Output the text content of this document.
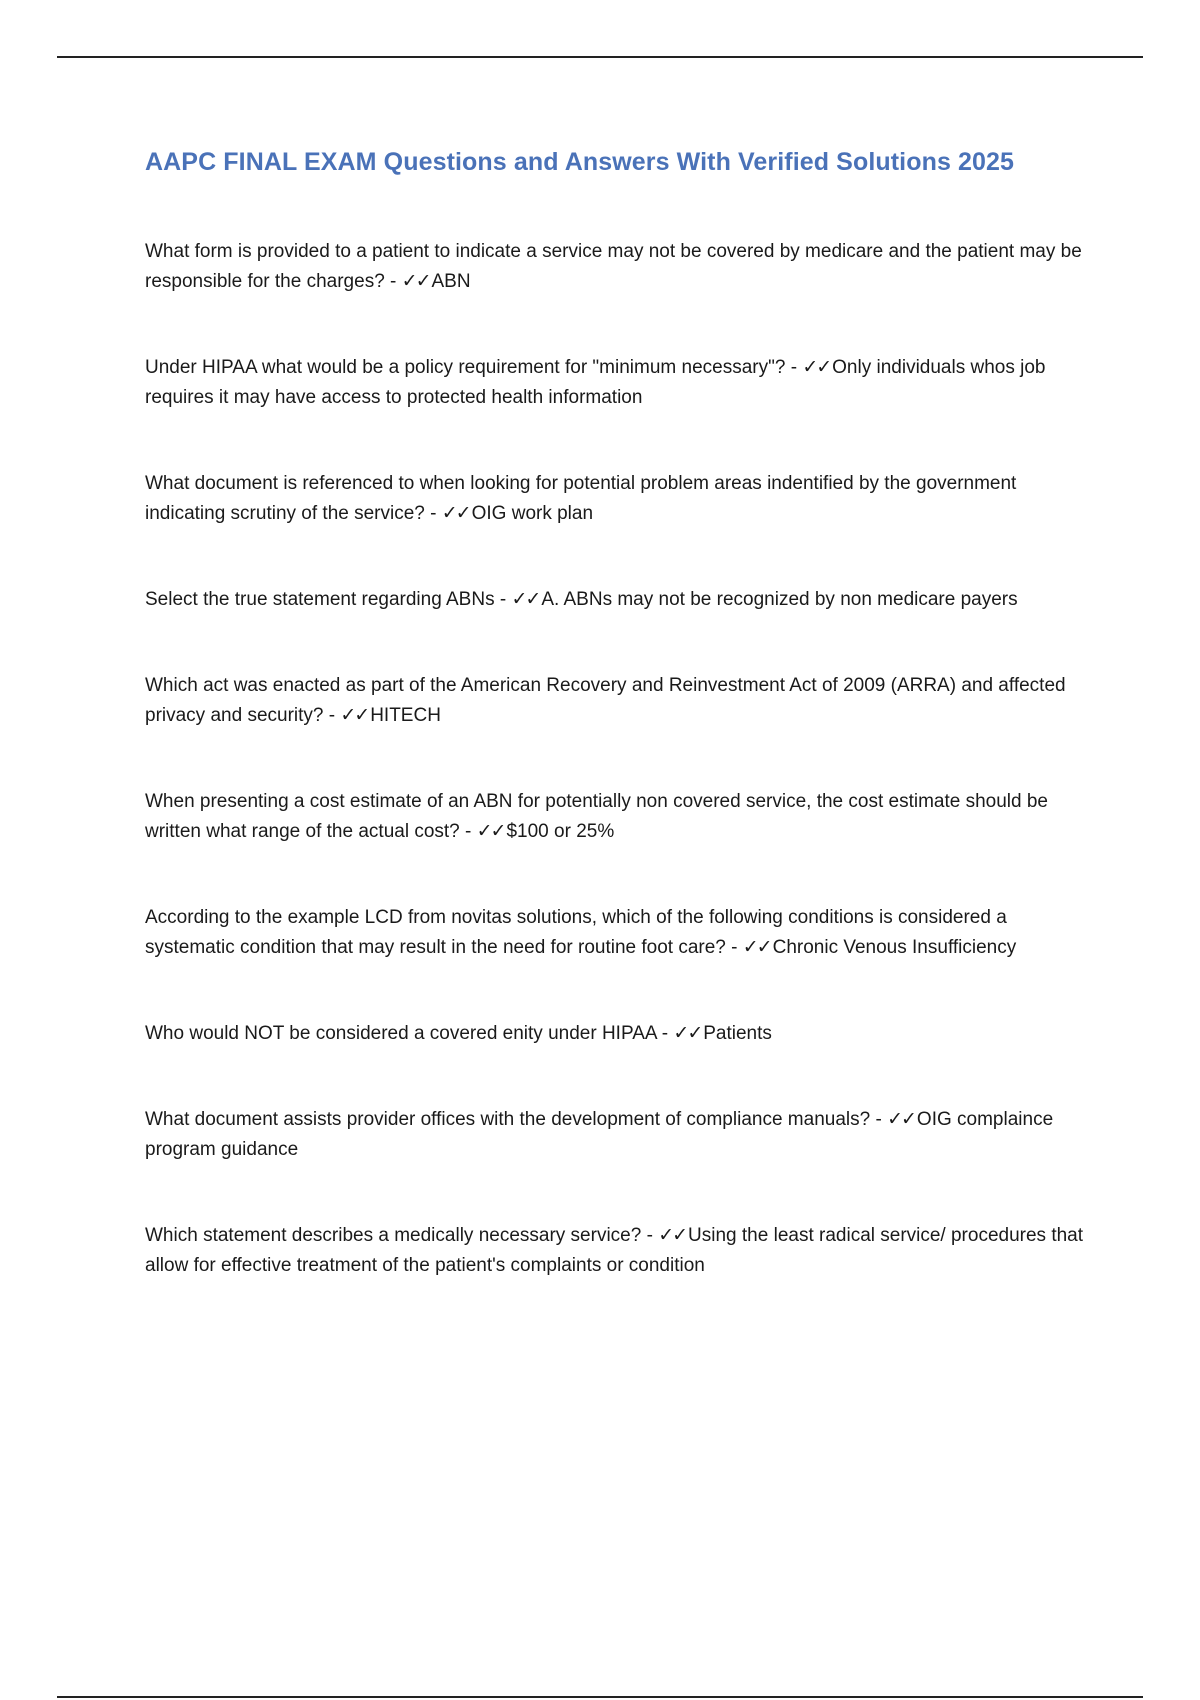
AAPC FINAL EXAM Questions and Answers With Verified Solutions 2025

What form is provided to a patient to indicate a service may not be covered by medicare and the patient may be responsible for the charges? - ✓✓ ABN

Under HIPAA what would be a policy requirement for "minimum necessary"? - ✓✓ Only individuals whos job requires it may have access to protected health information

What document is referenced to when looking for potential problem areas indentified by the government indicating scrutiny of the service? - ✓✓ OIG work plan

Select the true statement regarding ABNs - ✓✓ A. ABNs may not be recognized by non medicare payers

Which act was enacted as part of the American Recovery and Reinvestment Act of 2009 (ARRA) and affected privacy and security? - ✓✓ HITECH

When presenting a cost estimate of an ABN for potentially non covered service, the cost estimate should be written what range of the actual cost? - ✓✓ $100 or 25%

According to the example LCD from novitas solutions, which of the following conditions is considered a systematic condition that may result in the need for routine foot care? - ✓✓ Chronic Venous Insufficiency

Who would NOT be considered a covered enity under HIPAA - ✓✓ Patients

What document assists provider offices with the development of compliance manuals? - ✓✓ OIG complaince program guidance

Which statement describes a medically necessary service? - ✓✓ Using the least radical service/ procedures that allow for effective treatment of the patient's complaints or condition
